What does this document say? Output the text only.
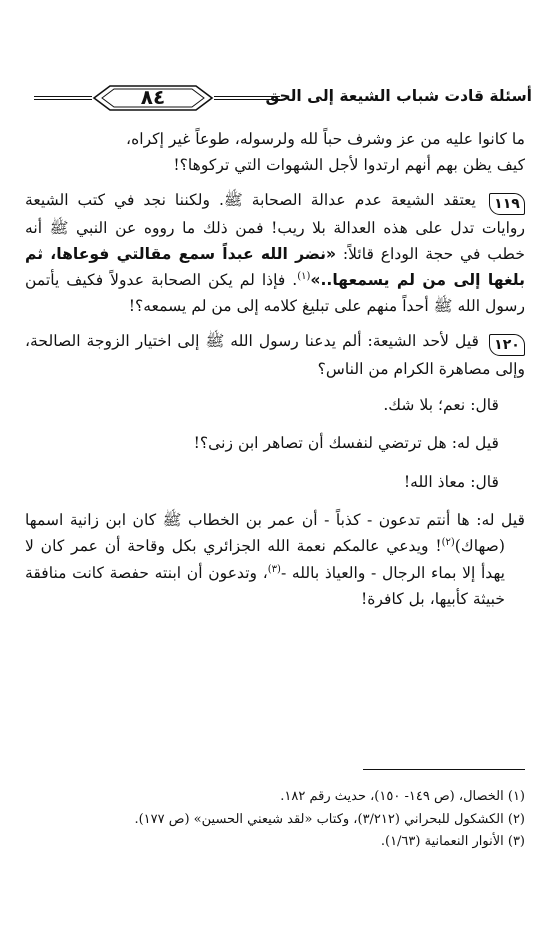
أسئلة قادت شباب الشيعة إلى الحق
٨٤

ما كانوا عليه من عز وشرف حباً لله ولرسوله، طوعاً غير إكراه،

كيف يظن بهم أنهم ارتدوا لأجل الشهوات التي تركوها؟!

١١٩ يعتقد الشيعة عدم عدالة الصحابة ﷺ. ولكننا نجد في كتب الشيعة روايات تدل على هذه العدالة بلا ريب! فمن ذلك ما رووه عن النبي ﷺ أنه خطب في حجة الوداع قائلاً: «نضر الله عبداً سمع مقالتي فوعاها، ثم بلغها إلى من لم يسمعها..»$^{(١)}$. فإذا لم يكن الصحابة عدولاً فكيف يأتمن رسول الله ﷺ أحداً منهم على تبليغ كلامه إلى من لم يسمعه؟!

١٢٠ قيل لأحد الشيعة: ألم يدعنا رسول الله ﷺ إلى اختيار الزوجة الصالحة، وإلى مصاهرة الكرام من الناس؟

قال: نعم؛ بلا شك.

قيل له: هل ترتضي لنفسك أن تصاهر ابن زنى؟!

قال: معاذ الله!

قيل له: ها أنتم تدعون - كذباً - أن عمر بن الخطاب ﷺ كان ابن زانية اسمها (صهاك)$^{(٢)}$! ويدعي عالمكم نعمة الله الجزائري بكل وقاحة أن عمر كان لا يهدأ إلا بماء الرجال - والعياذ بالله -$^{(٣)}$، وتدعون أن ابنته حفصة كانت منافقة خبيثة كأبيها، بل كافرة!

(١) الخصال، (ص ١٤٩- ١٥٠)، حديث رقم ١٨٢.
(٢) الكشكول للبحراني (٣/٢١٢)، وكتاب «لقد شيعني الحسين» (ص ١٧٧).
(٣) الأنوار النعمانية (١/٦٣).
